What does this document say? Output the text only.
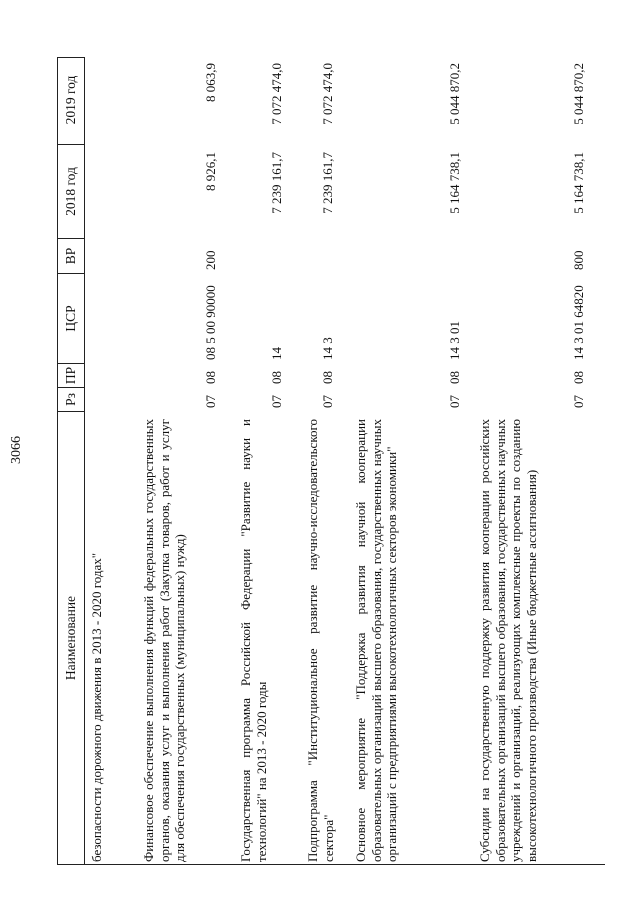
3066
Наименование
Рз
ПР
ЦСР
ВР
2018 год
2019 год
безопасности дорожного движения в 2013 - 2020 годах"	Финансовое обеспечение выполнения функций федеральных государственных органов, оказания услуг и выполнения работ (Закупка товаров, работ и услуг для обеспечения государственных (муниципальных) нужд)
07
08
08 5 00 90000
200
8 926,1
8 063,9
Государственная программа Российской Федерации "Развитие науки и технологий" на 2013 - 2020 годы
07
08
14
7 239 161,7
7 072 474,0
Подпрограмма "Институциональное развитие научно-исследовательского сектора"
07
08
14 3
7 239 161,7
7 072 474,0
Основное мероприятие "Поддержка развития научной кооперации образовательных организаций высшего образования, государственных научных организаций с предприятиями высокотехнологичных секторов экономики"
07
08
14 3 01
5 164 738,1
5 044 870,2
Субсидии на государственную поддержку развития кооперации российских образовательных организаций высшего образования, государственных научных учреждений и организаций, реализующих комплексные проекты по созданию высокотехнологичного производства (Иные бюджетные ассигнования)
07
08
14 3 01 64820
800
5 164 738,1
5 044 870,2
